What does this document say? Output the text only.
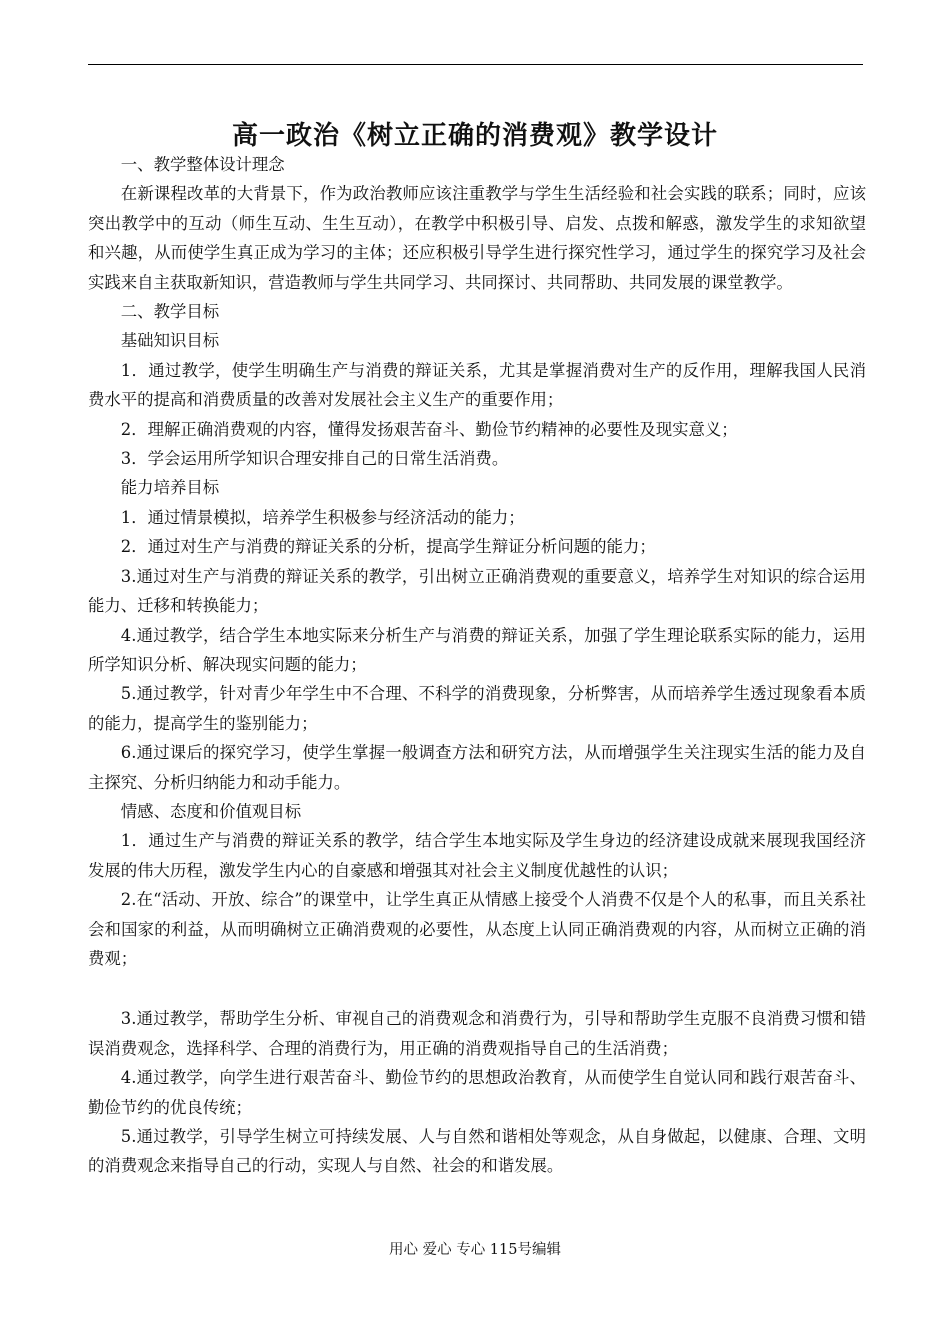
高一政治《树立正确的消费观》教学设计

一、教学整体设计理念

在新课程改革的大背景下，作为政治教师应该注重教学与学生生活经验和社会实践的联系；同时，应该突出教学中的互动（师生互动、生生互动），在教学中积极引导、启发、点拨和解惑，激发学生的求知欲望和兴趣，从而使学生真正成为学习的主体；还应积极引导学生进行探究性学习，通过学生的探究学习及社会实践来自主获取新知识，营造教师与学生共同学习、共同探讨、共同帮助、共同发展的课堂教学。

二、教学目标

基础知识目标

1．通过教学，使学生明确生产与消费的辩证关系，尤其是掌握消费对生产的反作用，理解我国人民消费水平的提高和消费质量的改善对发展社会主义生产的重要作用；

2．理解正确消费观的内容，懂得发扬艰苦奋斗、勤俭节约精神的必要性及现实意义；

3．学会运用所学知识合理安排自己的日常生活消费。

能力培养目标

1．通过情景模拟，培养学生积极参与经济活动的能力；

2．通过对生产与消费的辩证关系的分析，提高学生辩证分析问题的能力；

3.通过对生产与消费的辩证关系的教学，引出树立正确消费观的重要意义，培养学生对知识的综合运用能力、迁移和转换能力；

4.通过教学，结合学生本地实际来分析生产与消费的辩证关系，加强了学生理论联系实际的能力，运用所学知识分析、解决现实问题的能力；

5.通过教学，针对青少年学生中不合理、不科学的消费现象，分析弊害，从而培养学生透过现象看本质的能力，提高学生的鉴别能力；

6.通过课后的探究学习，使学生掌握一般调查方法和研究方法，从而增强学生关注现实生活的能力及自主探究、分析归纳能力和动手能力。

情感、态度和价值观目标

1．通过生产与消费的辩证关系的教学，结合学生本地实际及学生身边的经济建设成就来展现我国经济发展的伟大历程，激发学生内心的自豪感和增强其对社会主义制度优越性的认识；

2.在“活动、开放、综合”的课堂中，让学生真正从情感上接受个人消费不仅是个人的私事，而且关系社会和国家的利益，从而明确树立正确消费观的必要性，从态度上认同正确消费观的内容，从而树立正确的消费观；

3.通过教学，帮助学生分析、审视自己的消费观念和消费行为，引导和帮助学生克服不良消费习惯和错误消费观念，选择科学、合理的消费行为，用正确的消费观指导自己的生活消费；

4.通过教学，向学生进行艰苦奋斗、勤俭节约的思想政治教育，从而使学生自觉认同和践行艰苦奋斗、勤俭节约的优良传统；

5.通过教学，引导学生树立可持续发展、人与自然和谐相处等观念，从自身做起，以健康、合理、文明的消费观念来指导自己的行动，实现人与自然、社会的和谐发展。

用心 爱心 专心 115号编辑
